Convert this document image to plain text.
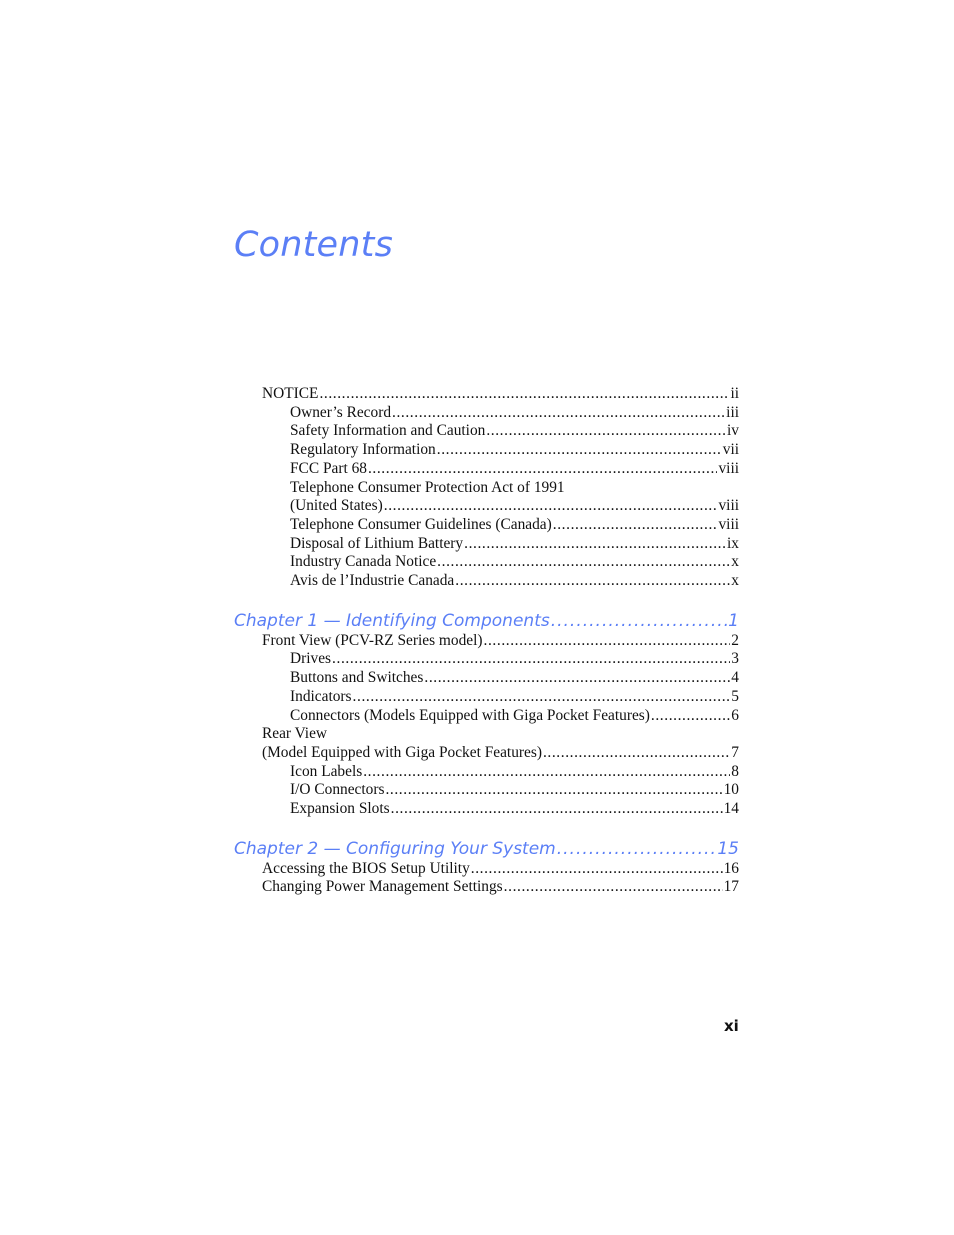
Contents
NOTICE .....	ii
Owner’s Record .....	iii
Safety Information and Caution .....	iv
Regulatory Information .....	vii
FCC Part 68 .....	viii
Telephone Consumer Protection Act of 1991
(United States) .....	viii
Telephone Consumer Guidelines (Canada) .....	viii
Disposal of Lithium Battery .....	ix
Industry Canada Notice .....	x
Avis de l’Industrie Canada .....	x
Chapter 1 — Identifying Components .....	1
Front View (PCV-RZ Series model) .....	2
Drives .....	3
Buttons and Switches .....	4
Indicators .....	5
Connectors (Models Equipped with Giga Pocket Features) .....	6
Rear View
(Model Equipped with Giga Pocket Features) .....	7
Icon Labels .....	8
I/O Connectors .....	10
Expansion Slots .....	14
Chapter 2 — Configuring Your System .....	15
Accessing the BIOS Setup Utility .....	16
Changing Power Management Settings .....	17
xi
